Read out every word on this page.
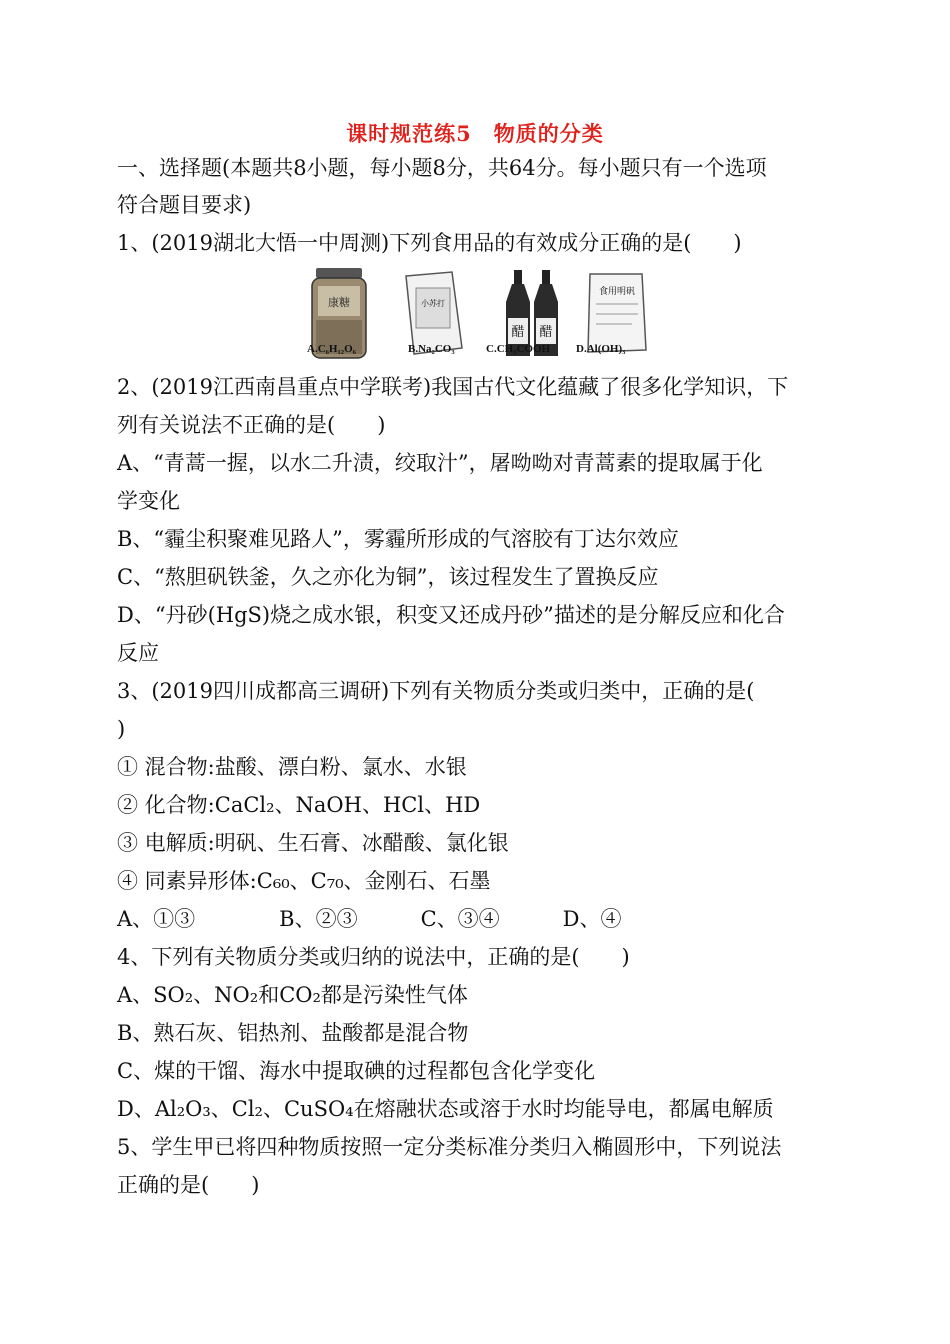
课时规范练5　物质的分类
一、选择题(本题共8小题，每小题8分，共64分。每小题只有一个选项
符合题目要求)
1、(2019湖北大悟一中周测)下列食用品的有效成分正确的是(　　)
2、(2019江西南昌重点中学联考)我国古代文化蕴藏了很多化学知识，下
列有关说法不正确的是(　　)
A、“青蒿一握，以水二升渍，绞取汁”，屠呦呦对青蒿素的提取属于化
学变化
B、“霾尘积聚难见路人”，雾霾所形成的气溶胶有丁达尔效应
C、“熬胆矾铁釜，久之亦化为铜”，该过程发生了置换反应
D、“丹砂(HgS)烧之成水银，积变又还成丹砂”描述的是分解反应和化合
反应
3、(2019四川成都高三调研)下列有关物质分类或归类中，正确的是(
)
① 混合物:盐酸、漂白粉、氯水、水银
② 化合物:CaCl₂、NaOH、HCl、HD
③ 电解质:明矾、生石膏、冰醋酸、氯化银
④ 同素异形体:C₆₀、C₇₀、金刚石、石墨
A、①③　　　　B、②③　　　C、③④　　　D、④
4、下列有关物质分类或归纳的说法中，正确的是(　　)
A、SO₂、NO₂和CO₂都是污染性气体
B、熟石灰、铝热剂、盐酸都是混合物
C、煤的干馏、海水中提取碘的过程都包含化学变化
D、Al₂O₃、Cl₂、CuSO₄在熔融状态或溶于水时均能导电，都属电解质
5、学生甲已将四种物质按照一定分类标准分类归入椭圆形中，下列说法
正确的是(　　)
康糖	小苏打
醋 醋
食用明矾
A.C₆H₁₂O₆	B.Na₂CO₃	C.CH₃COOH D.Al(OH)₃
